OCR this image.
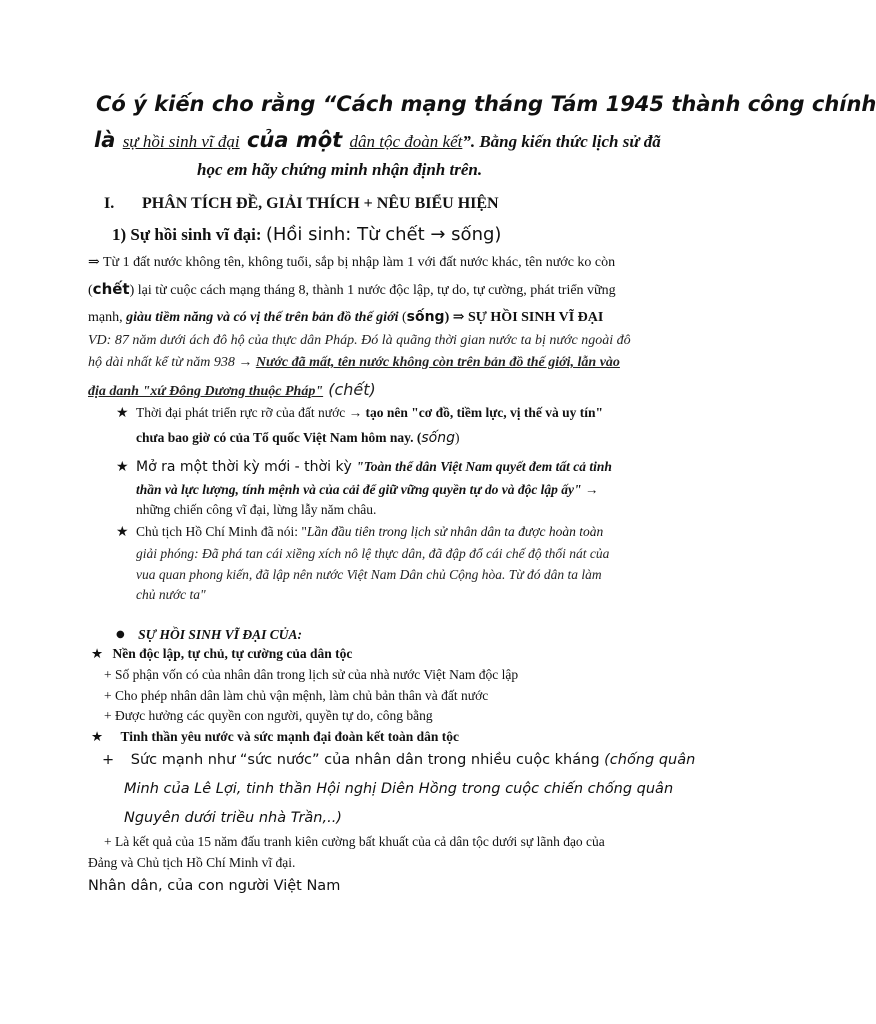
Có ý kiến cho rằng “Cách mạng tháng Tám 1945 thành công chính
là sự hồi sinh vĩ đại của một dân tộc đoàn kết”. Bằng kiến thức lịch sử đã
học em hãy chứng minh nhận định trên.
I. PHÂN TÍCH ĐỀ, GIẢI THÍCH + NÊU BIỂU HIỆN
1) Sự hồi sinh vĩ đại: (Hồi sinh: Từ chết → sống)
⇒ Từ 1 đất nước không tên, không tuổi, sắp bị nhập làm 1 với đất nước khác, tên nước ko còn
(chết) lại từ cuộc cách mạng tháng 8, thành 1 nước độc lập, tự do, tự cường, phát triển vững
mạnh, giàu tiềm năng và có vị thế trên bản đồ thế giới (sống) ⇒ SỰ HỒI SINH VĨ ĐẠI
VD: 87 năm dưới ách đô hộ của thực dân Pháp. Đó là quãng thời gian nước ta bị nước ngoài đô
hộ dài nhất kể từ năm 938 → Nước đã mất, tên nước không còn trên bản đồ thế giới, lẫn vào
địa danh "xứ Đông Dương thuộc Pháp" (chết)
★ Thời đại phát triển rực rỡ của đất nước → tạo nên "cơ đồ, tiềm lực, vị thế và uy tín"
chưa bao giờ có của Tổ quốc Việt Nam hôm nay. (sống)
★ Mở ra một thời kỳ mới - thời kỳ "Toàn thể dân Việt Nam quyết đem tất cả tinh
thần và lực lượng, tính mệnh và của cải để giữ vững quyền tự do và độc lập ấy" →
những chiến công vĩ đại, lừng lẫy năm châu.
★ Chủ tịch Hồ Chí Minh đã nói: "Lần đầu tiên trong lịch sử nhân dân ta được hoàn toàn
giải phóng: Đã phá tan cái xiềng xích nô lệ thực dân, đã đập đổ cái chế độ thối nát của
vua quan phong kiến, đã lập nên nước Việt Nam Dân chủ Cộng hòa. Từ đó dân ta làm
chủ nước ta"
● SỰ HỒI SINH VĨ ĐẠI CỦA:
★ Nền độc lập, tự chủ, tự cường của dân tộc
+ Số phận vốn có của nhân dân trong lịch sử của nhà nước Việt Nam độc lập
+ Cho phép nhân dân làm chủ vận mệnh, làm chủ bản thân và đất nước
+ Được hưởng các quyền con người, quyền tự do, công bằng
★ Tinh thần yêu nước và sức mạnh đại đoàn kết toàn dân tộc
+ Sức mạnh như “sức nước” của nhân dân trong nhiều cuộc kháng (chống quân
Minh của Lê Lợi, tinh thần Hội nghị Diên Hồng trong cuộc chiến chống quân
Nguyên dưới triều nhà Trần,..)
+ Là kết quả của 15 năm đấu tranh kiên cường bất khuất của cả dân tộc dưới sự lãnh đạo của
Đảng và Chủ tịch Hồ Chí Minh vĩ đại.
Nhân dân, của con người Việt Nam
